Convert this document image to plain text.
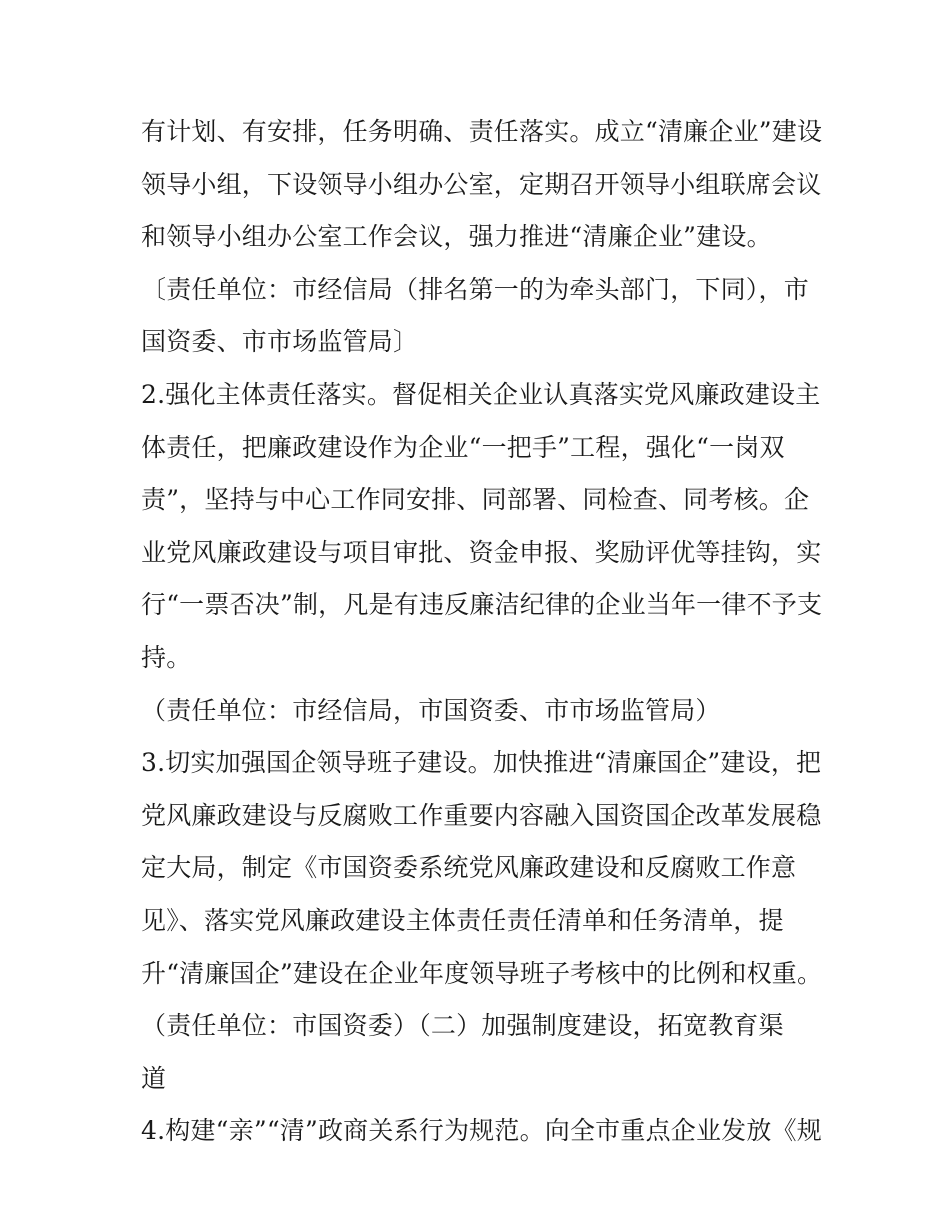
有计划、有安排，任务明确、责任落实。成立“清廉企业”建设
领导小组，下设领导小组办公室，定期召开领导小组联席会议
和领导小组办公室工作会议，强力推进“清廉企业”建设。
〔责任单位：市经信局（排名第一的为牵头部门，下同），市
国资委、市市场监管局〕
2.强化主体责任落实。督促相关企业认真落实党风廉政建设主
体责任，把廉政建设作为企业“一把手”工程，强化“一岗双
责”，坚持与中心工作同安排、同部署、同检查、同考核。企
业党风廉政建设与项目审批、资金申报、奖励评优等挂钩，实
行“一票否决”制，凡是有违反廉洁纪律的企业当年一律不予支
持。
（责任单位：市经信局，市国资委、市市场监管局）
3.切实加强国企领导班子建设。加快推进“清廉国企”建设，把
党风廉政建设与反腐败工作重要内容融入国资国企改革发展稳
定大局，制定《市国资委系统党风廉政建设和反腐败工作意
见》、落实党风廉政建设主体责任责任清单和任务清单，提
升“清廉国企”建设在企业年度领导班子考核中的比例和权重。
（责任单位：市国资委）（二）加强制度建设，拓宽教育渠
道
4.构建“亲”“清”政商关系行为规范。向全市重点企业发放《规
